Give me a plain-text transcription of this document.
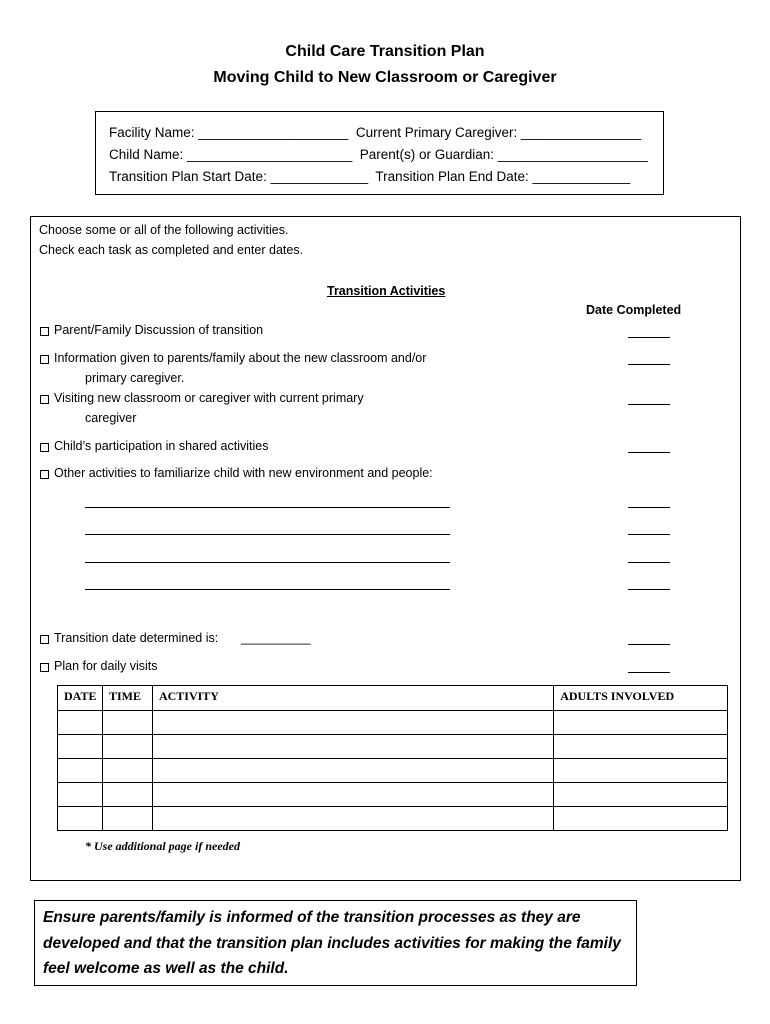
Child Care Transition Plan
Moving Child to New Classroom or Caregiver
Facility Name: ____________________  Current Primary Caregiver: ________________
Child Name: ______________________  Parent(s) or Guardian: ____________________
Transition Plan Start Date: _____________  Transition Plan End Date: _____________
Choose some or all of the following activities.
Check each task as completed and enter dates.
Transition Activities
Date Completed
Parent/Family Discussion of transition
Information given to parents/family about the new classroom and/or
primary caregiver.
Visiting new classroom or caregiver with current primary
caregiver
Child’s participation in shared activities
Other activities to familiarize child with new environment and people:
Transition date determined is: __________
Plan for daily visits
DATE	TIME	ACTIVITY	ADULTS INVOLVED

* Use additional page if needed
Ensure parents/family is informed of the transition processes as they are developed and that the transition plan includes activities for making the family feel welcome as well as the child.
